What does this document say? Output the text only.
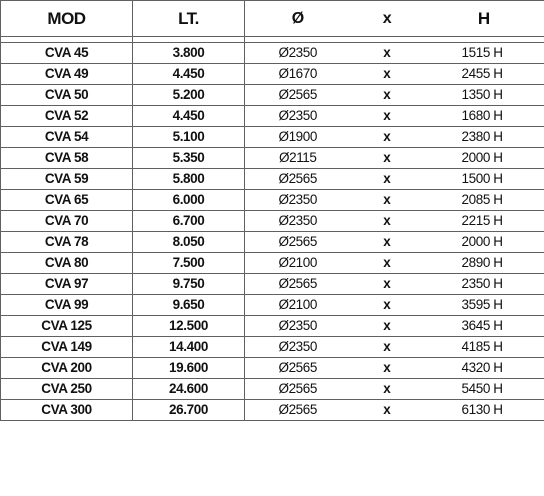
MOD	LT.	Ø	x	H

CVA 45	3.800	Ø2350	x	1515 H
CVA 49	4.450	Ø1670	x	2455 H
CVA 50	5.200	Ø2565	x	1350 H
CVA 52	4.450	Ø2350	x	1680 H
CVA 54	5.100	Ø1900	x	2380 H
CVA 58	5.350	Ø2115	x	2000 H
CVA 59	5.800	Ø2565	x	1500 H
CVA 65	6.000	Ø2350	x	2085 H
CVA 70	6.700	Ø2350	x	2215 H
CVA 78	8.050	Ø2565	x	2000 H
CVA 80	7.500	Ø2100	x	2890 H
CVA 97	9.750	Ø2565	x	2350 H
CVA 99	9.650	Ø2100	x	3595 H
CVA 125	12.500	Ø2350	x	3645 H
CVA 149	14.400	Ø2350	x	4185 H
CVA 200	19.600	Ø2565	x	4320 H
CVA 250	24.600	Ø2565	x	5450 H
CVA 300	26.700	Ø2565	x	6130 H
